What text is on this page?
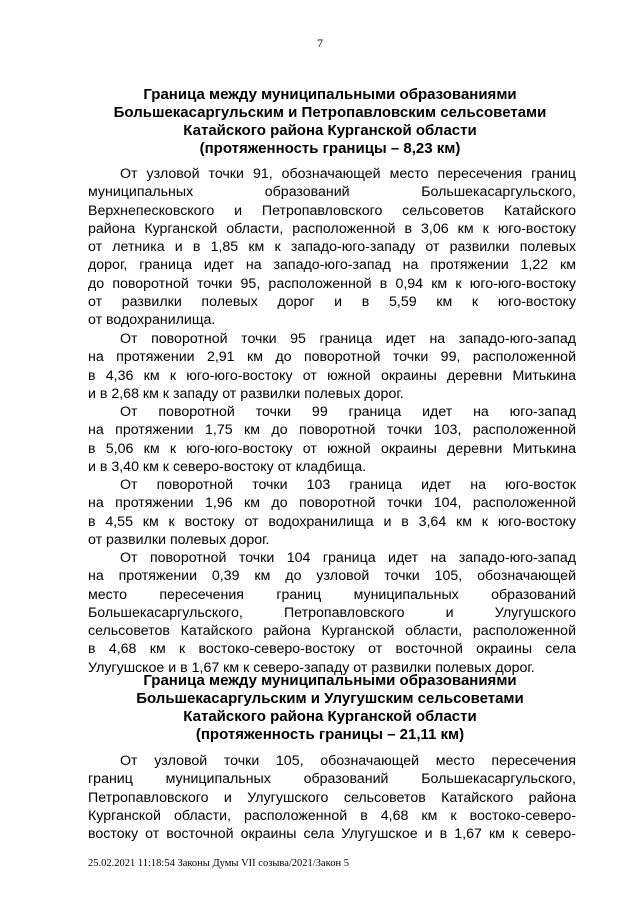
7
Граница между муниципальными образованиями
Большекасаргульским и Петропавловским сельсоветами
Катайского района Курганской области
(протяженность границы – 8,23 км)
От узловой точки 91, обозначающей место пересечения границ
муниципальных образований Большекасаргульского,
Верхнепесковского и Петропавловского сельсоветов Катайского
района Курганской области, расположенной в 3,06 км к юго-востоку
от летника и в 1,85 км к западо-юго-западу от развилки полевых
дорог, граница идет на западо-юго-запад на протяжении 1,22 км
до поворотной точки 95, расположенной в 0,94 км к юго-юго-востоку
от развилки полевых дорог и в 5,59 км к юго-востоку
от водохранилища.
От поворотной точки 95 граница идет на западо-юго-запад
на протяжении 2,91 км до поворотной точки 99, расположенной
в 4,36 км к юго-юго-востоку от южной окраины деревни Митькина
и в 2,68 км к западу от развилки полевых дорог.
От поворотной точки 99 граница идет на юго-запад
на протяжении 1,75 км до поворотной точки 103, расположенной
в 5,06 км к юго-юго-востоку от южной окраины деревни Митькина
и в 3,40 км к северо-востоку от кладбища.
От поворотной точки 103 граница идет на юго-восток
на протяжении 1,96 км до поворотной точки 104, расположенной
в 4,55 км к востоку от водохранилища и в 3,64 км к юго-востоку
от развилки полевых дорог.
От поворотной точки 104 граница идет на западо-юго-запад
на протяжении 0,39 км до узловой точки 105, обозначающей
место пересечения границ муниципальных образований
Большекасаргульского, Петропавловского и Улугушского
сельсоветов Катайского района Курганской области, расположенной
в 4,68 км к востоко-северо-востоку от восточной окраины села
Улугушское и в 1,67 км к северо-западу от развилки полевых дорог.
Граница между муниципальными образованиями
Большекасаргульским и Улугушским сельсоветами
Катайского района Курганской области
(протяженность границы – 21,11 км)
От узловой точки 105, обозначающей место пересечения
границ муниципальных образований Большекасаргульского,
Петропавловского и Улугушского сельсоветов Катайского района
Курганской области, расположенной в 4,68 км к востоко-северо-
востоку от восточной окраины села Улугушское и в 1,67 км к северо-
25.02.2021 11:18:54 Законы Думы VII созыва/2021/Закон 5
